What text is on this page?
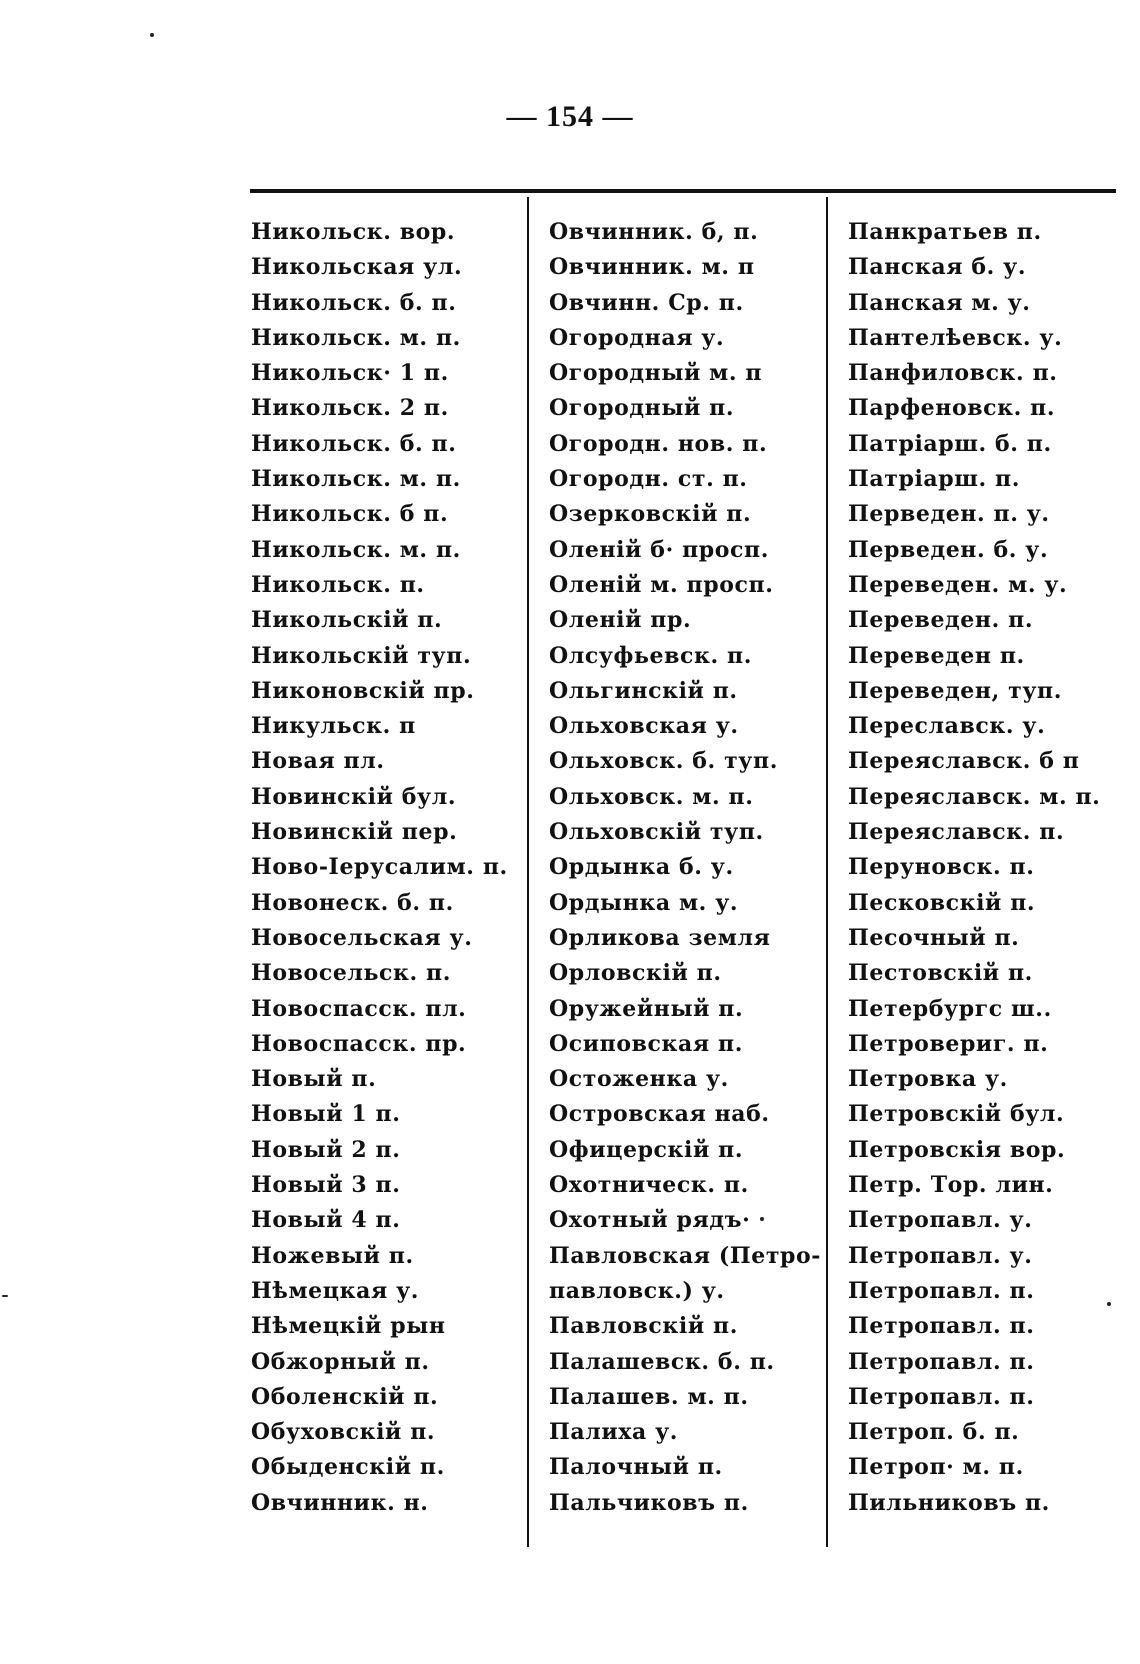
— 154 —
Никольск. вор.
Никольская ул.
Никольск. б. п.
Никольск. м. п.
Никольск· 1 п.
Никольск. 2 п.
Никольск. б. п.
Никольск. м. п.
Никольск. б п.
Никольск. м. п.
Никольск. п.
Никольскій п.
Никольскій туп.
Никоновскій пр.
Никульск. п
Новая пл.
Новинскій бул.
Новинскій пер.
Ново-Іерусалим. п.
Новонеск. б. п.
Новосельская у.
Новосельск. п.
Новоспасск. пл.
Новоспасск. пр.
Новый п.
Новый 1 п.
Новый 2 п.
Новый 3 п.
Новый 4 п.
Ножевый п.
Нѣмецкая у.
Нѣмецкій рын
Обжорный п.
Оболенскій п.
Обуховскій п.
Обыденскій п.
Овчинник. н.
Овчинник. б, п.
Овчинник. м. п
Овчинн. Ср. п.
Огородная у.
Огородный м. п
Огородный п.
Огородн. нов. п.
Огородн. ст. п.
Озерковскій п.
Оленій б· просп.
Оленій м. просп.
Оленій пр.
Олсуфьевск. п.
Ольгинскій п.
Ольховская у.
Ольховск. б. туп.
Ольховск. м. п.
Ольховскій туп.
Ордынка б. у.
Ордынка м. у.
Орликова земля
Орловскій п.
Оружейный п.
Осиповская п.
Остоженка у.
Островская наб.
Офицерскій п.
Охотническ. п.
Охотный рядъ·
Павловская (Петро-
павловск.) у.
Павловскій п.
Палашевск. б. п.
Палашев. м. п.
Палиха у.
Палочный п.
Пальчиковъ п.
Панкратьев п.
Панская б. у.
Панская м. у.
Пантелѣевск. у.
Панфиловск. п.
Парфеновск. п.
Патріарш. б. п.
Патріарш. п.
Перведен. п. у.
Перведен. б. у.
Переведен. м. у.
Переведен. п.
Переведен п.
Переведен, туп.
Переславск. у.
Переяславск. б п
Переяславск. м. п.
Переяславск. п.
Перуновск. п.
Песковскій п.
Песочный п.
Пестовскій п.
Петербургс ш..
Петровериг. п.
Петровка у.
Петровскій бул.
Петровскія вор.
Петр. Тор. лин.
Петропавл. у.
Петропавл. у.
Петропавл. п.
Петропавл. п.
Петропавл. п.
Петропавл. п.
Петроп. б. п.
Петроп· м. п.
Пильниковъ п.
